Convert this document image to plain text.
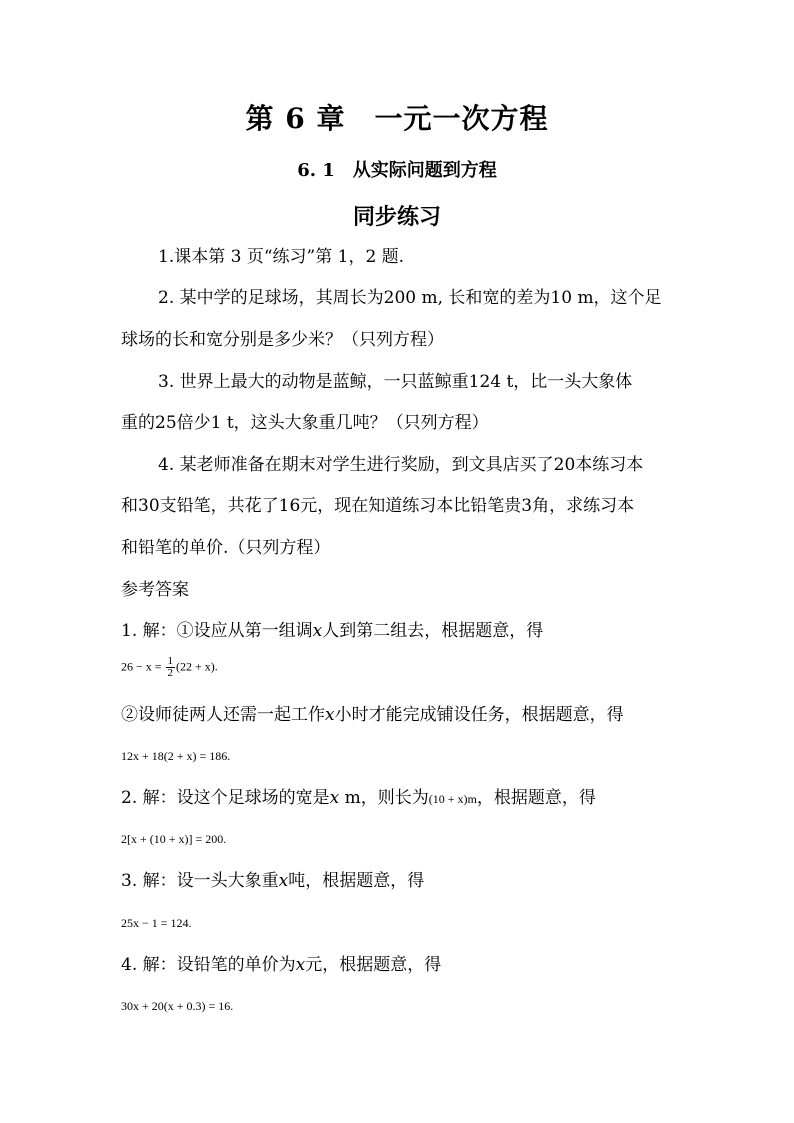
第 6 章　一元一次方程
6. 1　从实际问题到方程
同步练习
1.课本第 3 页“练习”第 1，2 题.
2. 某中学的足球场，其周长为200 m, 长和宽的差为10 m，这个足
球场的长和宽分别是多少米？（只列方程）
3. 世界上最大的动物是蓝鲸，一只蓝鲸重124 t，比一头大象体
重的25倍少1 t，这头大象重几吨？（只列方程）
4. 某老师准备在期末对学生进行奖励，到文具店买了20本练习本
和30支铅笔，共花了16元，现在知道练习本比铅笔贵3角，求练习本
和铅笔的单价.（只列方程）
参考答案
1. 解：①设应从第一组调x人到第二组去，根据题意，得
$26 - x = \frac{1}{2} (22 + x)$.
②设师徒两人还需一起工作x小时才能完成铺设任务，根据题意，得
12x + 18(2 + x) = 186.
2. 解：设这个足球场的宽是x m，则长为(10 + x)m，根据题意，得
2[x + (10 + x)] = 200.
3. 解：设一头大象重x吨，根据题意，得
25x − 1 = 124.
4. 解：设铅笔的单价为x元，根据题意，得
30x + 20(x + 0.3) = 16.
